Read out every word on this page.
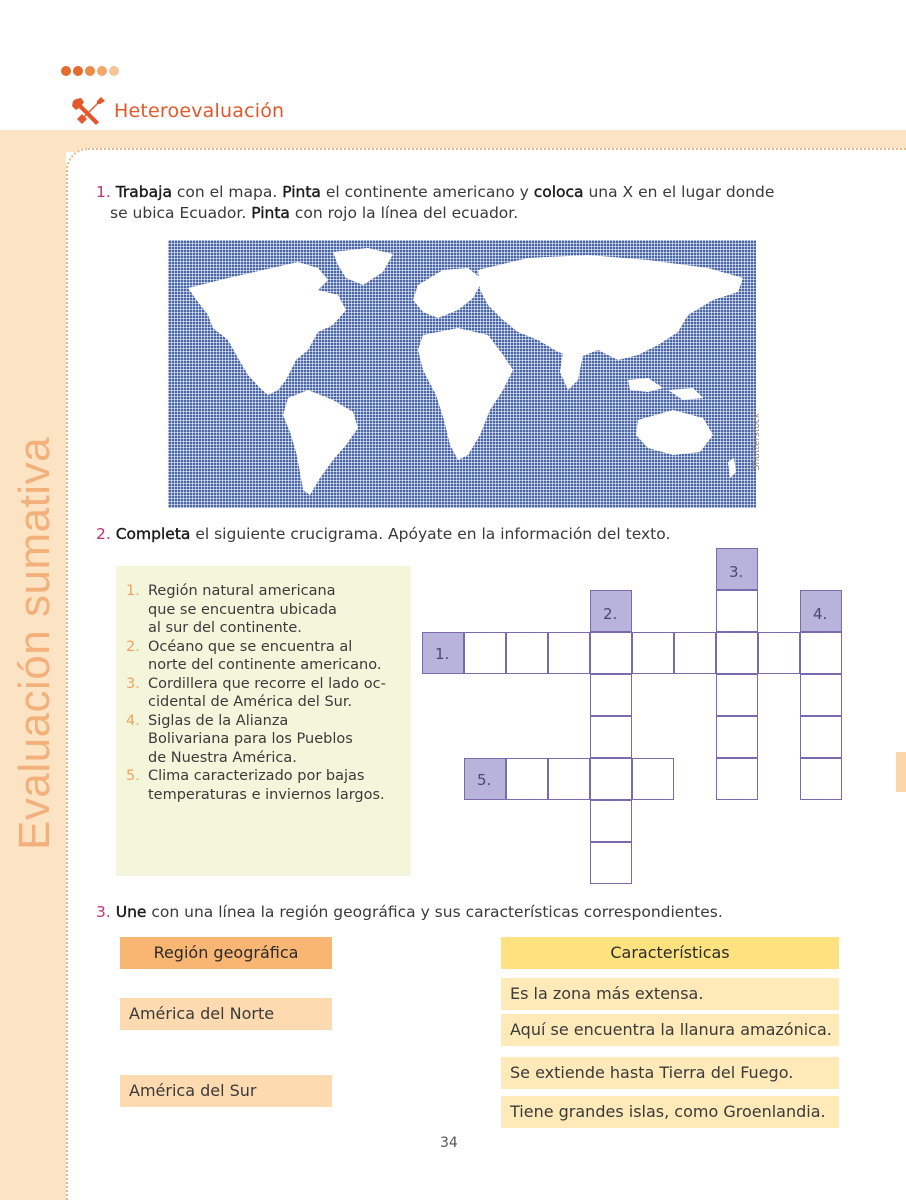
Heteroevaluación
Evaluación sumativa
1. Trabaja con el mapa. Pinta el continente americano y coloca una X en el lugar donde
se ubica Ecuador. Pinta con rojo la línea del ecuador.
Shutterstock
2. Completa el siguiente crucigrama. Apóyate en la información del texto.
1. Región natural americana
que se encuentra ubicada
al sur del continente.
2. Océano que se encuentra al
norte del continente americano.
3. Cordillera que recorre el lado oc-
cidental de América del Sur.
4. Siglas de la Alianza
Bolivariana para los Pueblos
de Nuestra América.
5. Clima caracterizado por bajas
temperaturas e inviernos largos.
1.
2.
3.
4.
5.
3. Une con una línea la región geográfica y sus características correspondientes.
Región geográfica	Características
América del Norte
América del Sur
Es la zona más extensa.
Aquí se encuentra la llanura amazónica.
Se extiende hasta Tierra del Fuego.
Tiene grandes islas, como Groenlandia.
34
